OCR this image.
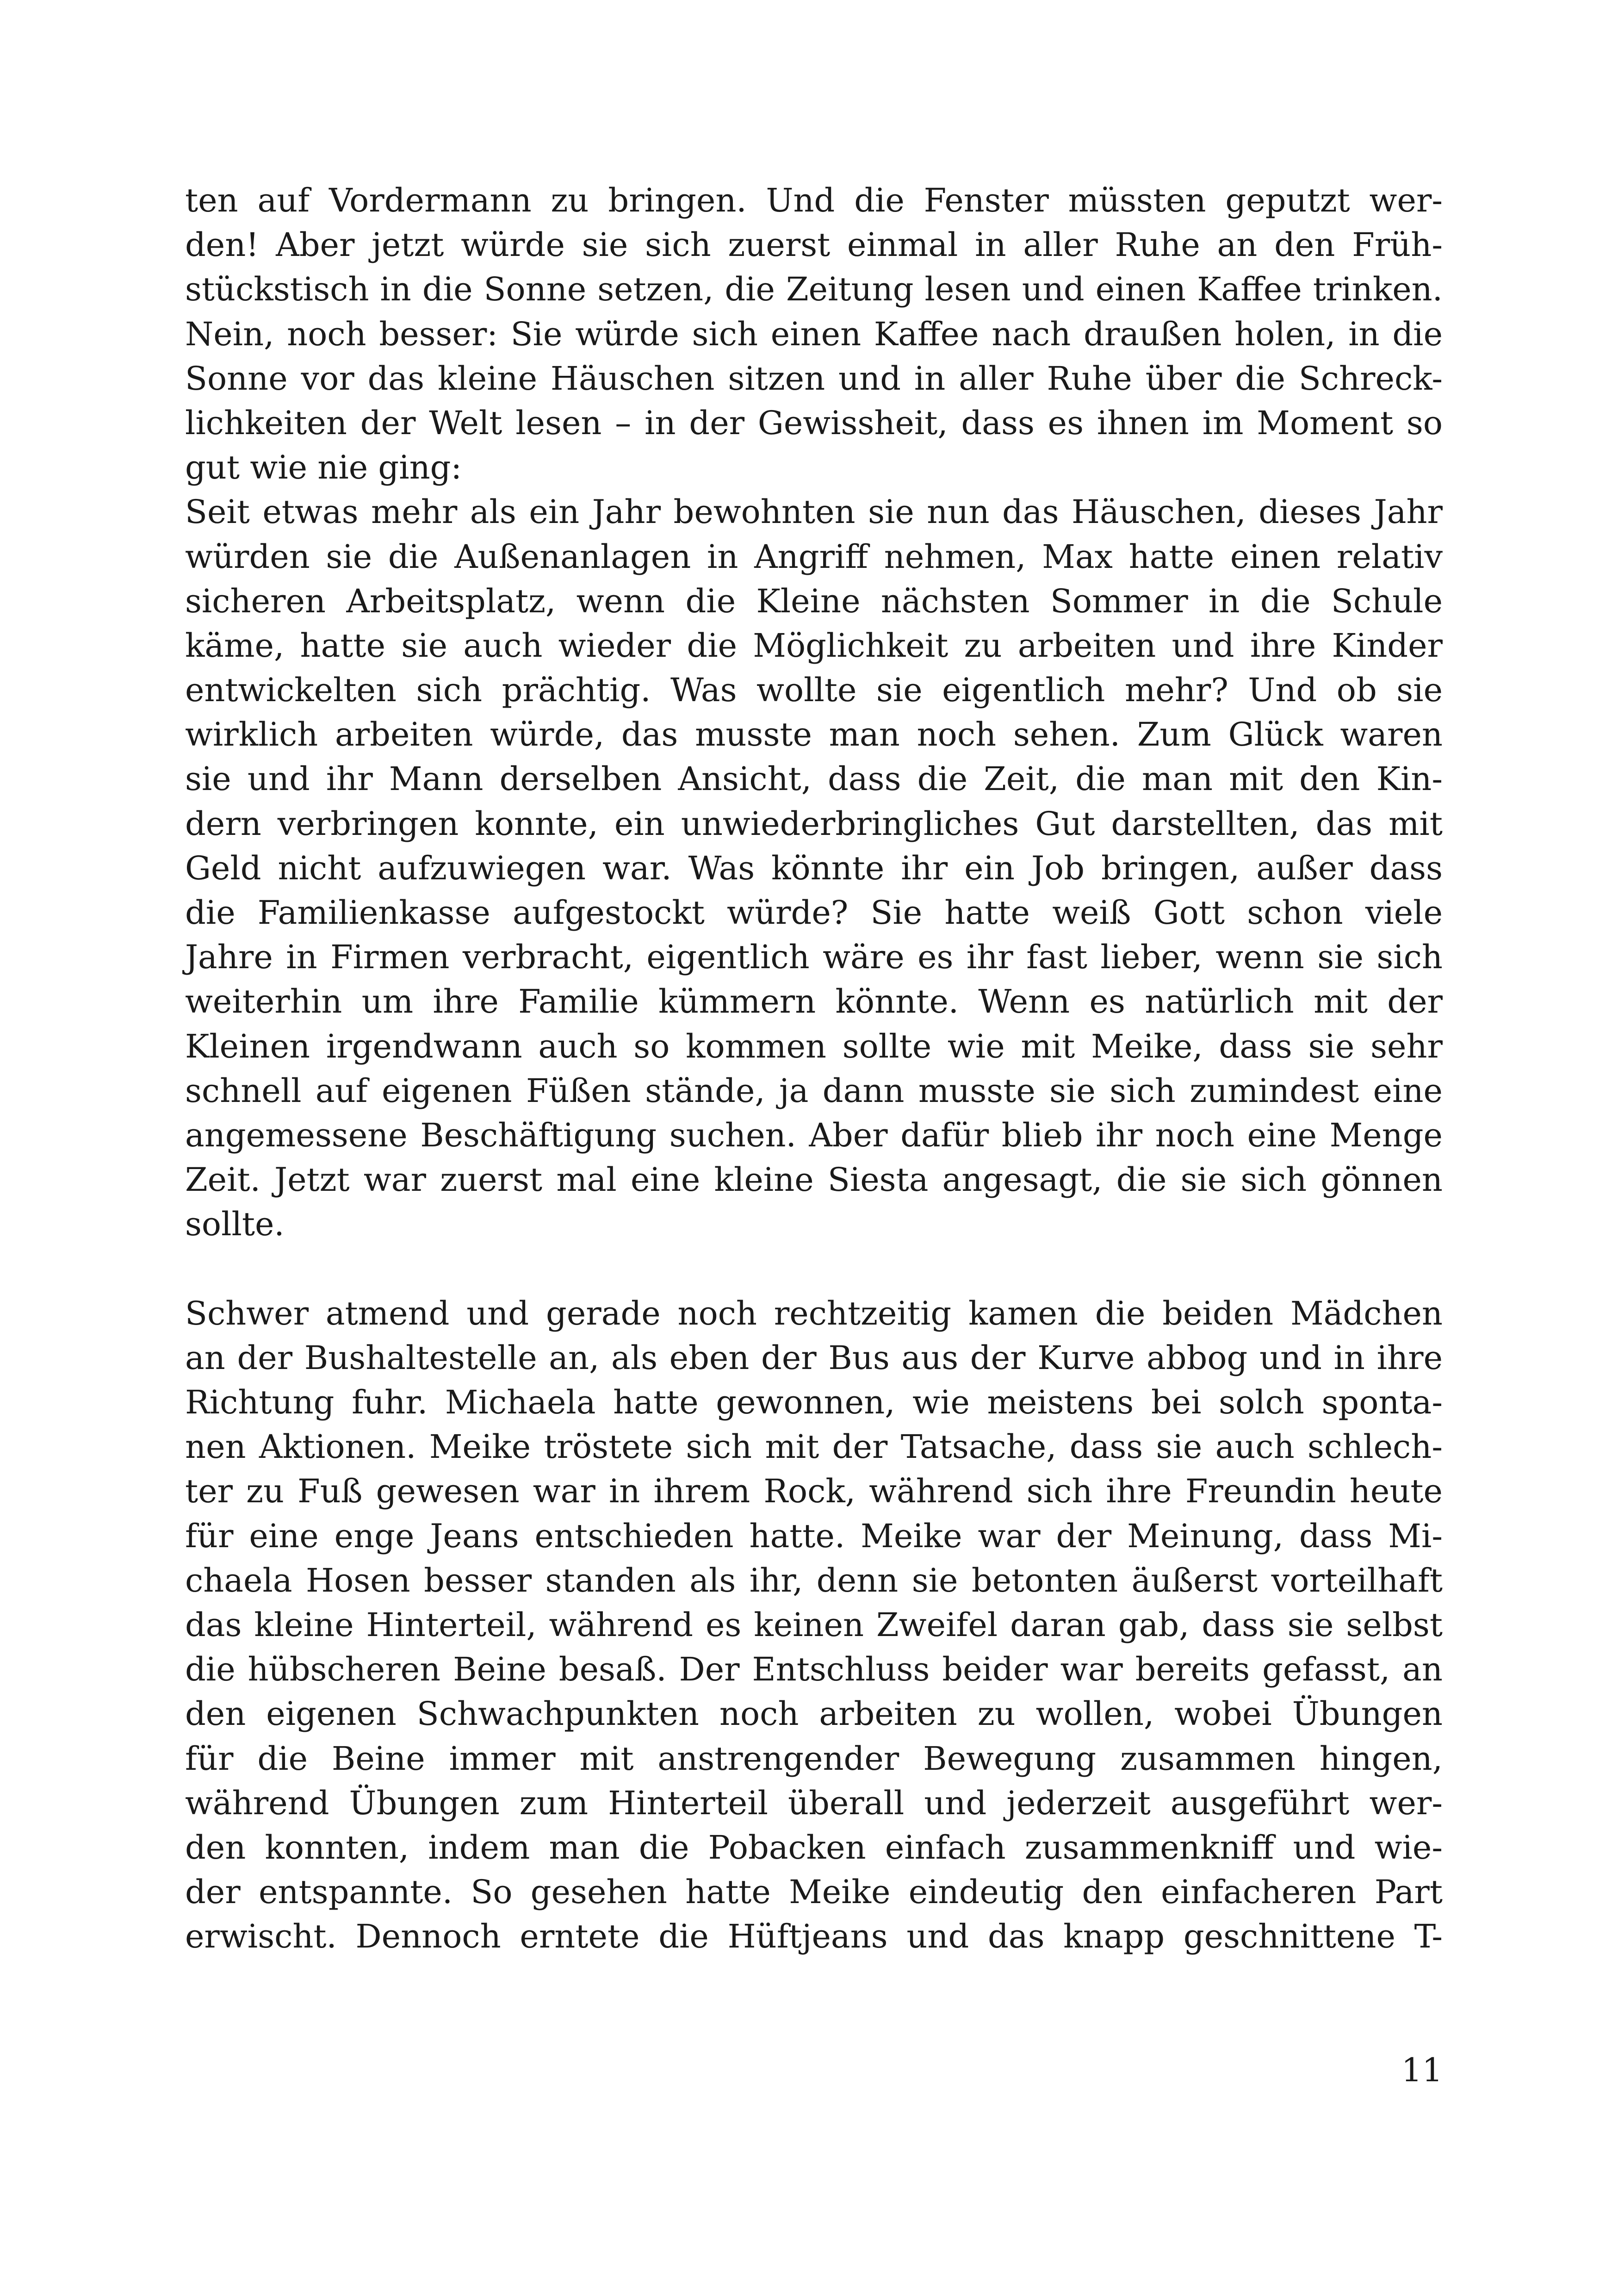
ten auf Vordermann zu bringen. Und die Fenster müssten geputzt wer-
den! Aber jetzt würde sie sich zuerst einmal in aller Ruhe an den Früh-
stückstisch in die Sonne setzen, die Zeitung lesen und einen Kaffee trinken.
Nein, noch besser: Sie würde sich einen Kaffee nach draußen holen, in die
Sonne vor das kleine Häuschen sitzen und in aller Ruhe über die Schreck-
lichkeiten der Welt lesen – in der Gewissheit, dass es ihnen im Moment so
gut wie nie ging:
Seit etwas mehr als ein Jahr bewohnten sie nun das Häuschen, dieses Jahr
würden sie die Außenanlagen in Angriff nehmen, Max hatte einen relativ
sicheren Arbeitsplatz, wenn die Kleine nächsten Sommer in die Schule
käme, hatte sie auch wieder die Möglichkeit zu arbeiten und ihre Kinder
entwickelten sich prächtig. Was wollte sie eigentlich mehr? Und ob sie
wirklich arbeiten würde, das musste man noch sehen. Zum Glück waren
sie und ihr Mann derselben Ansicht, dass die Zeit, die man mit den Kin-
dern verbringen konnte, ein unwiederbringliches Gut darstellten, das mit
Geld nicht aufzuwiegen war. Was könnte ihr ein Job bringen, außer dass
die Familienkasse aufgestockt würde? Sie hatte weiß Gott schon viele
Jahre in Firmen verbracht, eigentlich wäre es ihr fast lieber, wenn sie sich
weiterhin um ihre Familie kümmern könnte. Wenn es natürlich mit der
Kleinen irgendwann auch so kommen sollte wie mit Meike, dass sie sehr
schnell auf eigenen Füßen stände, ja dann musste sie sich zumindest eine
angemessene Beschäftigung suchen. Aber dafür blieb ihr noch eine Menge
Zeit. Jetzt war zuerst mal eine kleine Siesta angesagt, die sie sich gönnen
sollte.
Schwer atmend und gerade noch rechtzeitig kamen die beiden Mädchen
an der Bushaltestelle an, als eben der Bus aus der Kurve abbog und in ihre
Richtung fuhr. Michaela hatte gewonnen, wie meistens bei solch sponta-
nen Aktionen. Meike tröstete sich mit der Tatsache, dass sie auch schlech-
ter zu Fuß gewesen war in ihrem Rock, während sich ihre Freundin heute
für eine enge Jeans entschieden hatte. Meike war der Meinung, dass Mi-
chaela Hosen besser standen als ihr, denn sie betonten äußerst vorteilhaft
das kleine Hinterteil, während es keinen Zweifel daran gab, dass sie selbst
die hübscheren Beine besaß. Der Entschluss beider war bereits gefasst, an
den eigenen Schwachpunkten noch arbeiten zu wollen, wobei Übungen
für die Beine immer mit anstrengender Bewegung zusammen hingen,
während Übungen zum Hinterteil überall und jederzeit ausgeführt wer-
den konnten, indem man die Pobacken einfach zusammenkniff und wie-
der entspannte. So gesehen hatte Meike eindeutig den einfacheren Part
erwischt. Dennoch erntete die Hüftjeans und das knapp geschnittene T-
11
